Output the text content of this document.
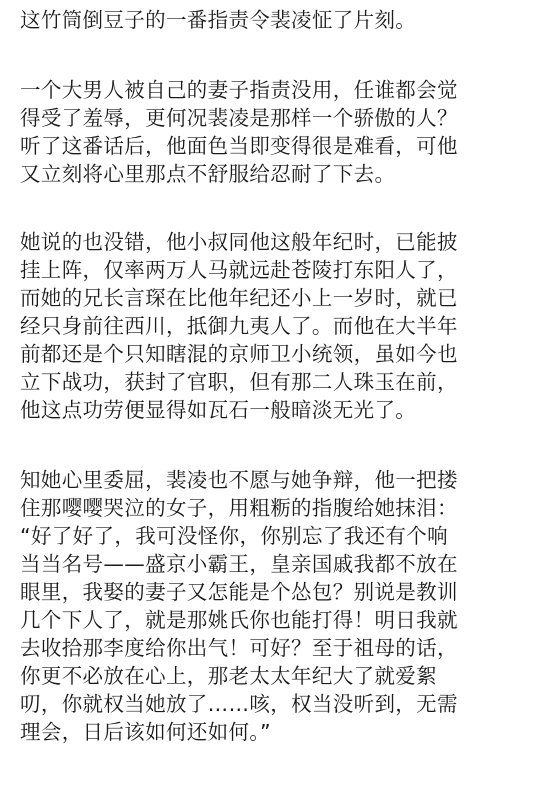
这竹筒倒豆子的一番指责令裴凌怔了片刻。
一个大男人被自己的妻子指责没用，任谁都会觉
得受了羞辱，更何况裴凌是那样一个骄傲的人？
听了这番话后，他面色当即变得很是难看，可他
又立刻将心里那点不舒服给忍耐了下去。
她说的也没错，他小叔同他这般年纪时，已能披
挂上阵，仅率两万人马就远赴苍陵打东阳人了，
而她的兄长言琛在比他年纪还小上一岁时，就已
经只身前往西川，抵御九夷人了。而他在大半年
前都还是个只知瞎混的京师卫小统领，虽如今也
立下战功，获封了官职，但有那二人珠玉在前，
他这点功劳便显得如瓦石一般暗淡无光了。
知她心里委屈，裴凌也不愿与她争辩，他一把搂
住那嘤嘤哭泣的女子，用粗粝的指腹给她抹泪：
“好了好了，我可没怪你，你别忘了我还有个响
当当名号——盛京小霸王，皇亲国戚我都不放在
眼里，我娶的妻子又怎能是个怂包？别说是教训
几个下人了，就是那姚氏你也能打得！明日我就
去收拾那李度给你出气！可好？至于祖母的话，
你更不必放在心上，那老太太年纪大了就爱絮
叨，你就权当她放了……咳，权当没听到，无需
理会，日后该如何还如何。”
